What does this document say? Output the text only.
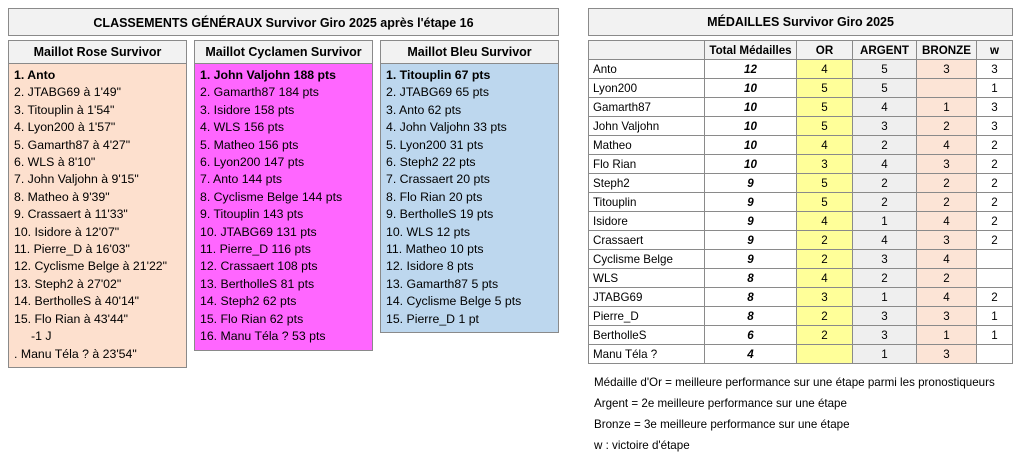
CLASSEMENTS GÉNÉRAUX Survivor Giro 2025 après l'étape 16
Maillot Rose Survivor
1. Anto
2. JTABG69 à 1'49"
3. Titouplin à 1'54"
4. Lyon200 à 1'57"
5. Gamarth87 à 4'27"
6. WLS à 8'10"
7. John Valjohn à 9'15"
8. Matheo à 9'39"
9. Crassaert à 11'33"
10. Isidore à 12'07"
11. Pierre_D à 16'03"
12. Cyclisme Belge à 21'22"
13. Steph2 à 27'02"
14. BertholleS à 40'14"
15. Flo Rian à 43'44"
-1 J
. Manu Téla ? à 23'54"
Maillot Cyclamen Survivor
1. John Valjohn 188 pts
2. Gamarth87 184 pts
3. Isidore 158 pts
4. WLS 156 pts
5. Matheo 156 pts
6. Lyon200 147 pts
7. Anto 144 pts
8. Cyclisme Belge 144 pts
9. Titouplin 143 pts
10. JTABG69 131 pts
11. Pierre_D 116 pts
12. Crassaert 108 pts
13. BertholleS 81 pts
14. Steph2 62 pts
15. Flo Rian 62 pts
16. Manu Téla ? 53 pts
Maillot Bleu Survivor
1. Titouplin 67 pts
2. JTABG69 65 pts
3. Anto 62 pts
4. John Valjohn 33 pts
5. Lyon200 31 pts
6. Steph2 22 pts
7. Crassaert 20 pts
8. Flo Rian 20 pts
9. BertholleS 19 pts
10. WLS 12 pts
11. Matheo 10 pts
12. Isidore 8 pts
13. Gamarth87 5 pts
14. Cyclisme Belge 5 pts
15. Pierre_D 1 pt
MÉDAILLES Survivor Giro 2025
	Total Médailles	OR	ARGENT	BRONZE	w
Anto	12	4	5	3	3
Lyon200	10	5	5		1
Gamarth87	10	5	4	1	3
John Valjohn	10	5	3	2	3
Matheo	10	4	2	4	2
Flo Rian	10	3	4	3	2
Steph2	9	5	2	2	2
Titouplin	9	5	2	2	2
Isidore	9	4	1	4	2
Crassaert	9	2	4	3	2
Cyclisme Belge	9	2	3	4	
WLS	8	4	2	2	
JTABG69	8	3	1	4	2
Pierre_D	8	2	3	3	1
BertholleS	6	2	3	1	1
Manu Téla ?	4		1	3	
Médaille d'Or = meilleure performance sur une étape parmi les pronostiqueurs
Argent = 2e meilleure performance sur une étape
Bronze = 3e meilleure performance sur une étape
w : victoire d'étape
